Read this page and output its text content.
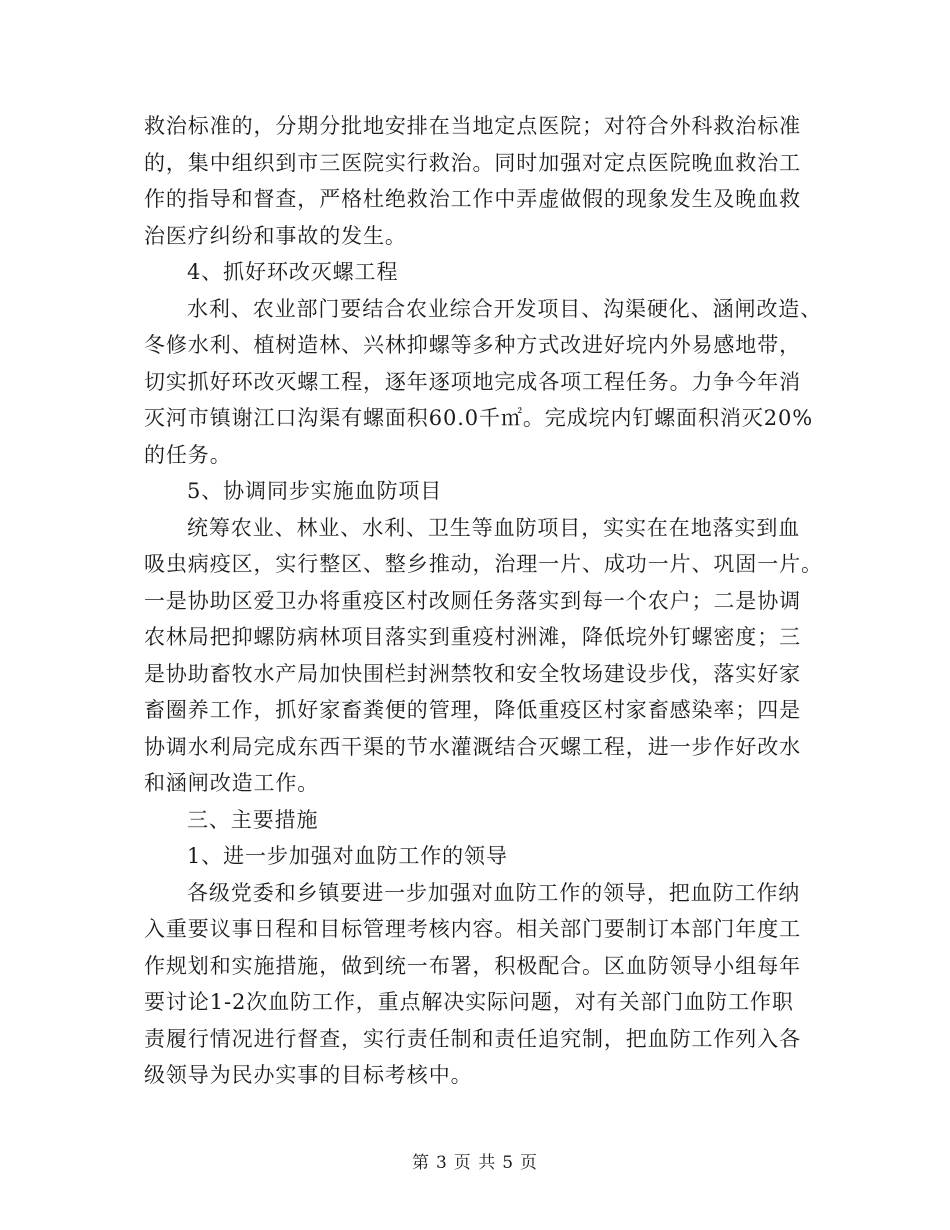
救治标准的，分期分批地安排在当地定点医院；对符合外科救治标准
的，集中组织到市三医院实行救治。同时加强对定点医院晚血救治工
作的指导和督查，严格杜绝救治工作中弄虚做假的现象发生及晚血救
治医疗纠纷和事故的发生。
4、抓好环改灭螺工程
水利、农业部门要结合农业综合开发项目、沟渠硬化、涵闸改造、
冬修水利、植树造林、兴林抑螺等多种方式改进好垸内外易感地带，
切实抓好环改灭螺工程，逐年逐项地完成各项工程任务。力争今年消
灭河市镇谢江口沟渠有螺面积60.0千㎡。完成垸内钉螺面积消灭20%
的任务。
5、协调同步实施血防项目
统筹农业、林业、水利、卫生等血防项目，实实在在地落实到血
吸虫病疫区，实行整区、整乡推动，治理一片、成功一片、巩固一片。
一是协助区爱卫办将重疫区村改厕任务落实到每一个农户；二是协调
农林局把抑螺防病林项目落实到重疫村洲滩，降低垸外钉螺密度；三
是协助畜牧水产局加快围栏封洲禁牧和安全牧场建设步伐，落实好家
畜圈养工作，抓好家畜粪便的管理，降低重疫区村家畜感染率；四是
协调水利局完成东西干渠的节水灌溉结合灭螺工程，进一步作好改水
和涵闸改造工作。
三、主要措施
1、进一步加强对血防工作的领导
各级党委和乡镇要进一步加强对血防工作的领导，把血防工作纳
入重要议事日程和目标管理考核内容。相关部门要制订本部门年度工
作规划和实施措施，做到统一布署，积极配合。区血防领导小组每年
要讨论1-2次血防工作，重点解决实际问题，对有关部门血防工作职
责履行情况进行督查，实行责任制和责任追究制，把血防工作列入各
级领导为民办实事的目标考核中。
第 3 页 共 5 页
